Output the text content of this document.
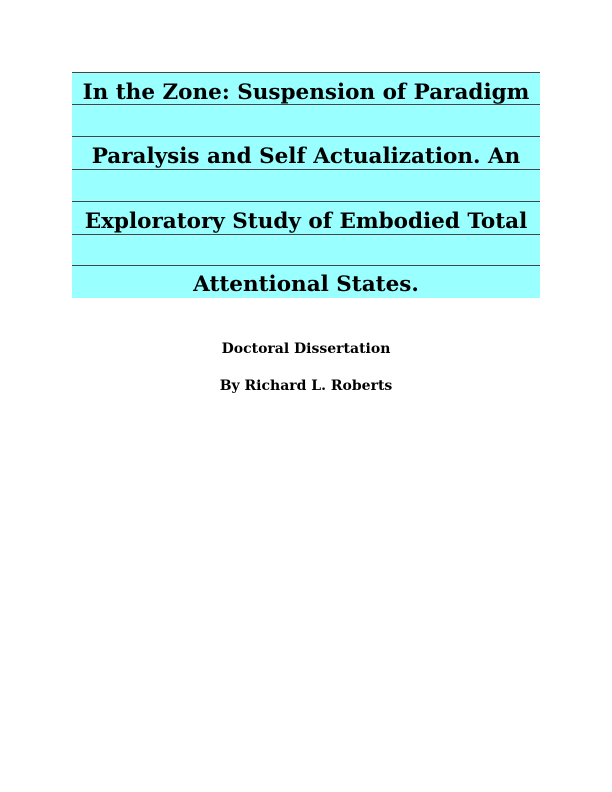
In the Zone: Suspension of Paradigm
Paralysis and Self Actualization. An
Exploratory Study of Embodied Total
Attentional States.
Doctoral Dissertation
By Richard L. Roberts
